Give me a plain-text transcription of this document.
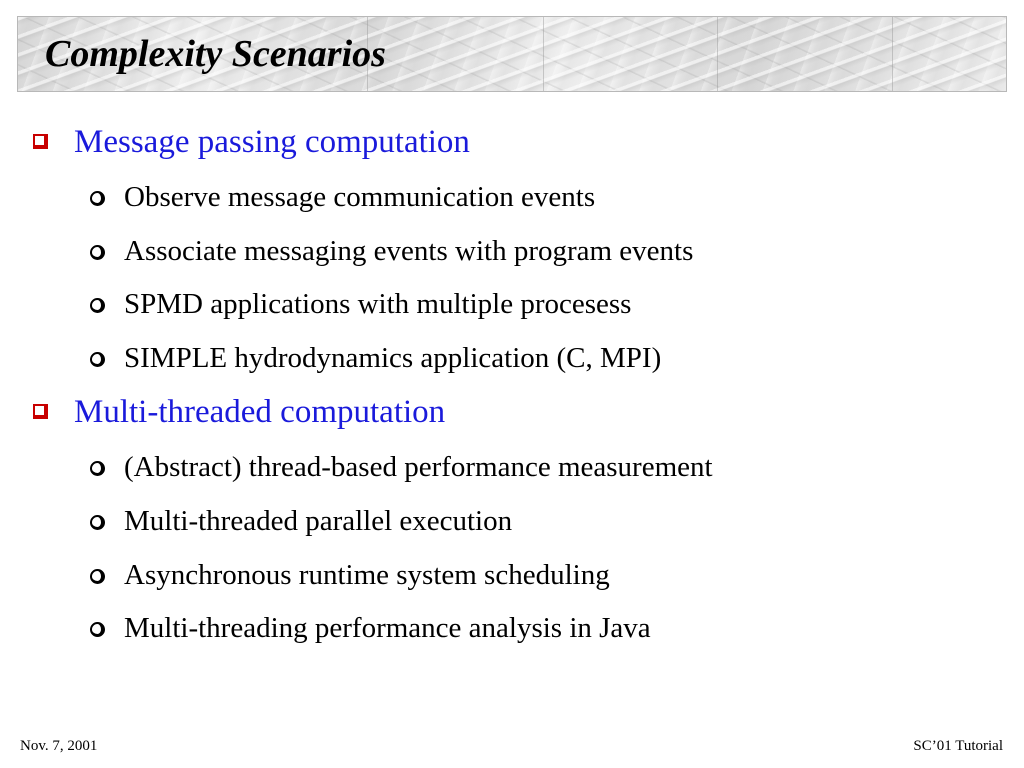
Complexity Scenarios
Message passing computation
Observe message communication events
Associate messaging events with program events
SPMD applications with multiple procesess
SIMPLE hydrodynamics application (C, MPI)
Multi-threaded computation
(Abstract) thread-based performance measurement
Multi-threaded parallel execution
Asynchronous runtime system scheduling
Multi-threading performance analysis in Java
Nov. 7, 2001	SC’01 Tutorial
